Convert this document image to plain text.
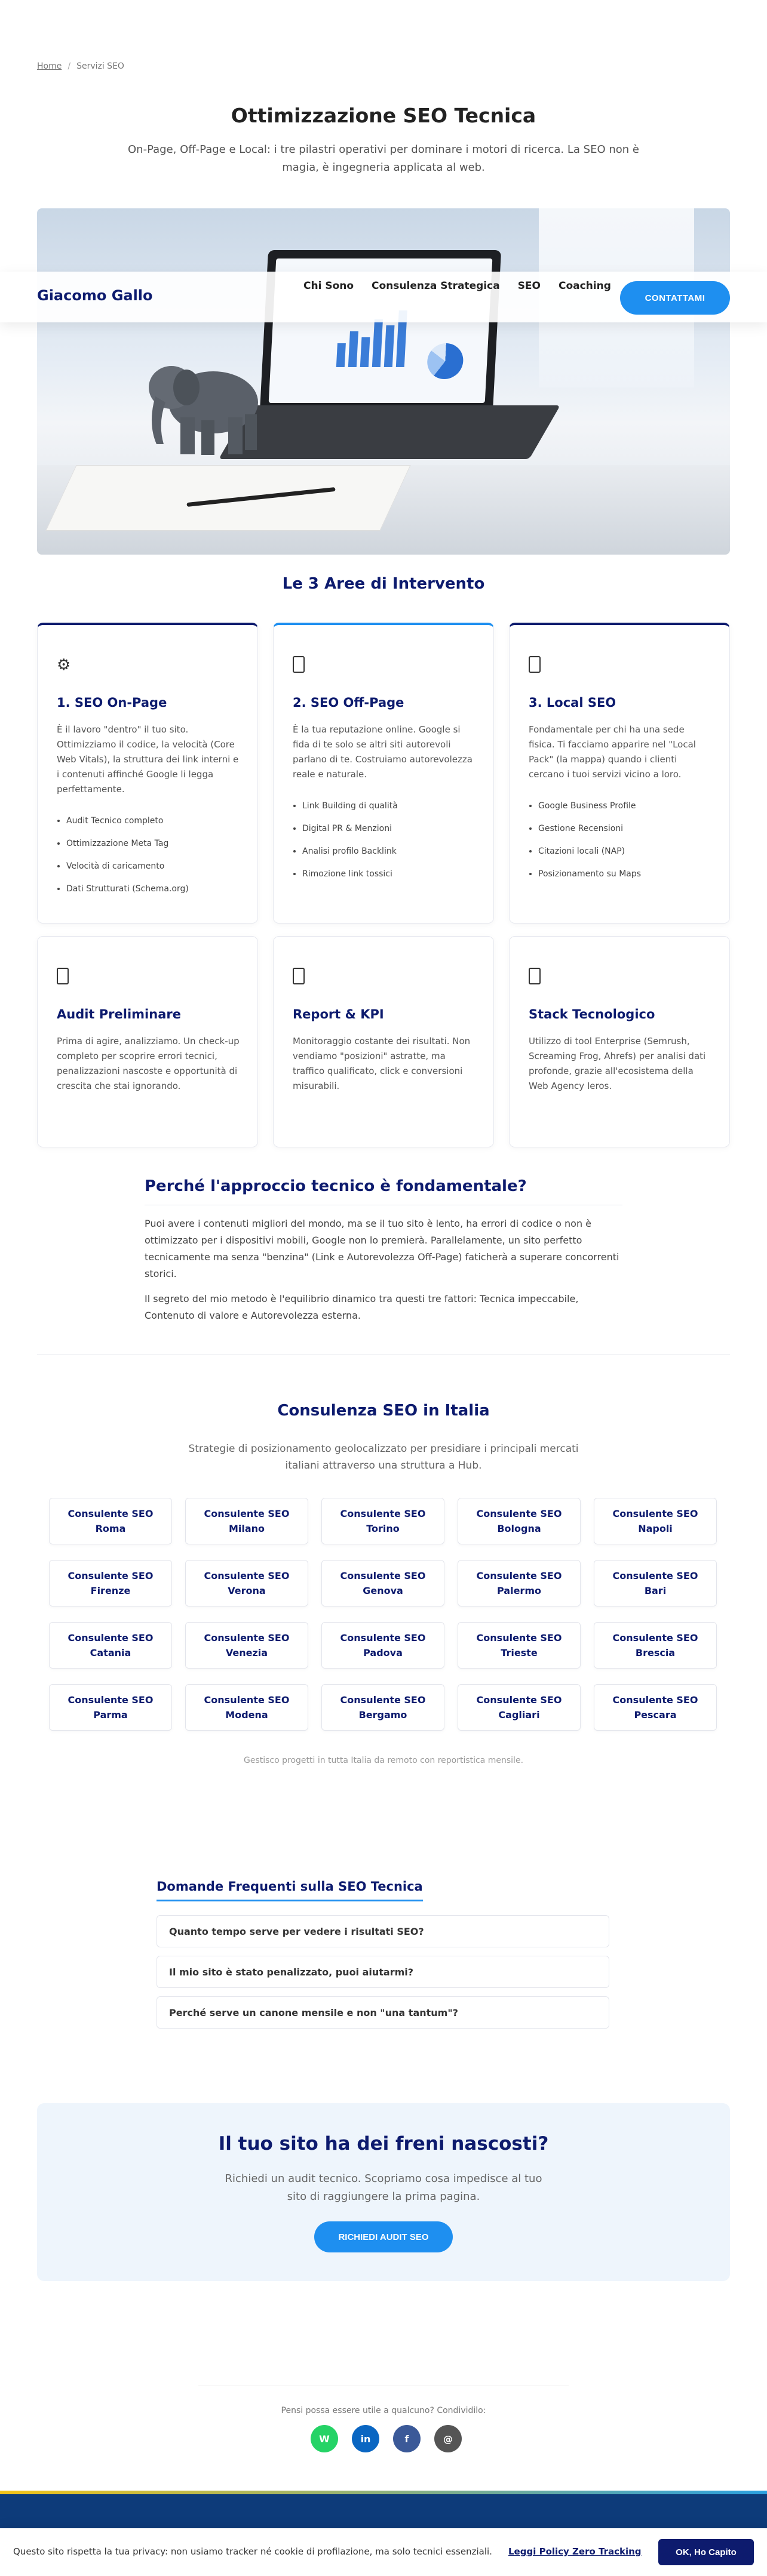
Home / Servizi SEO
Ottimizzazione SEO Tecnica

On-Page, Off-Page e Local: i tre pilastri operativi per dominare i motori di ricerca. La SEO non è magia, è ingegneria applicata al web.

Giacomo Gallo
Chi Sono Consulenza Strategica SEO Coaching
CONTATTAMI
Le 3 Aree di Intervento
⚙
1. SEO On-Page

È il lavoro "dentro" il tuo sito. Ottimizziamo il codice, la velocità (Core Web Vitals), la struttura dei link interni e i contenuti affinché Google li legga perfettamente.

• Audit Tecnico completo
• Ottimizzazione Meta Tag
• Velocità di caricamento
• Dati Strutturati (Schema.org)
2. SEO Off-Page

È la tua reputazione online. Google si fida di te solo se altri siti autorevoli parlano di te. Costruiamo autorevolezza reale e naturale.

• Link Building di qualità
• Digital PR & Menzioni
• Analisi profilo Backlink
• Rimozione link tossici
3. Local SEO

Fondamentale per chi ha una sede fisica. Ti facciamo apparire nel "Local Pack" (la mappa) quando i clienti cercano i tuoi servizi vicino a loro.

• Google Business Profile
• Gestione Recensioni
• Citazioni locali (NAP)
• Posizionamento su Maps
Audit Preliminare

Prima di agire, analizziamo. Un check-up completo per scoprire errori tecnici, penalizzazioni nascoste e opportunità di crescita che stai ignorando.

Report & KPI

Monitoraggio costante dei risultati. Non vendiamo "posizioni" astratte, ma traffico qualificato, click e conversioni misurabili.

Stack Tecnologico

Utilizzo di tool Enterprise (Semrush, Screaming Frog, Ahrefs) per analisi dati profonde, grazie all'ecosistema della Web Agency Ieros.

Perché l'approccio tecnico è fondamentale?

Puoi avere i contenuti migliori del mondo, ma se il tuo sito è lento, ha errori di codice o non è ottimizzato per i dispositivi mobili, Google non lo premierà. Parallelamente, un sito perfetto tecnicamente ma senza "benzina" (Link e Autorevolezza Off-Page) faticherà a superare concorrenti storici.

Il segreto del mio metodo è l'equilibrio dinamico tra questi tre fattori: Tecnica impeccabile, Contenuto di valore e Autorevolezza esterna.

Consulenza SEO in Italia

Strategie di posizionamento geolocalizzato per presidiare i principali mercati italiani attraverso una struttura a Hub.

Consulente SEO Roma
Consulente SEO Milano
Consulente SEO Torino
Consulente SEO Bologna
Consulente SEO Napoli
Consulente SEO Firenze
Consulente SEO Verona
Consulente SEO Genova
Consulente SEO Palermo
Consulente SEO Bari
Consulente SEO Catania
Consulente SEO Venezia
Consulente SEO Padova
Consulente SEO Trieste
Consulente SEO Brescia
Consulente SEO Parma
Consulente SEO Modena
Consulente SEO Bergamo
Consulente SEO Cagliari
Consulente SEO Pescara

Gestisco progetti in tutta Italia da remoto con reportistica mensile.

Domande Frequenti sulla SEO Tecnica
Quanto tempo serve per vedere i risultati SEO?
Il mio sito è stato penalizzato, puoi aiutarmi?
Perché serve un canone mensile e non "una tantum"?
Il tuo sito ha dei freni nascosti?

Richiedi un audit tecnico. Scopriamo cosa impedisce al tuo sito di raggiungere la prima pagina.

RICHIEDI AUDIT SEO

Pensi possa essere utile a qualcuno? Condividilo:

W	in	f	@
Questo sito rispetta la tua privacy: non usiamo tracker né cookie di profilazione, ma solo tecnici essenziali. Leggi Policy Zero Tracking	OK, Ho Capito
